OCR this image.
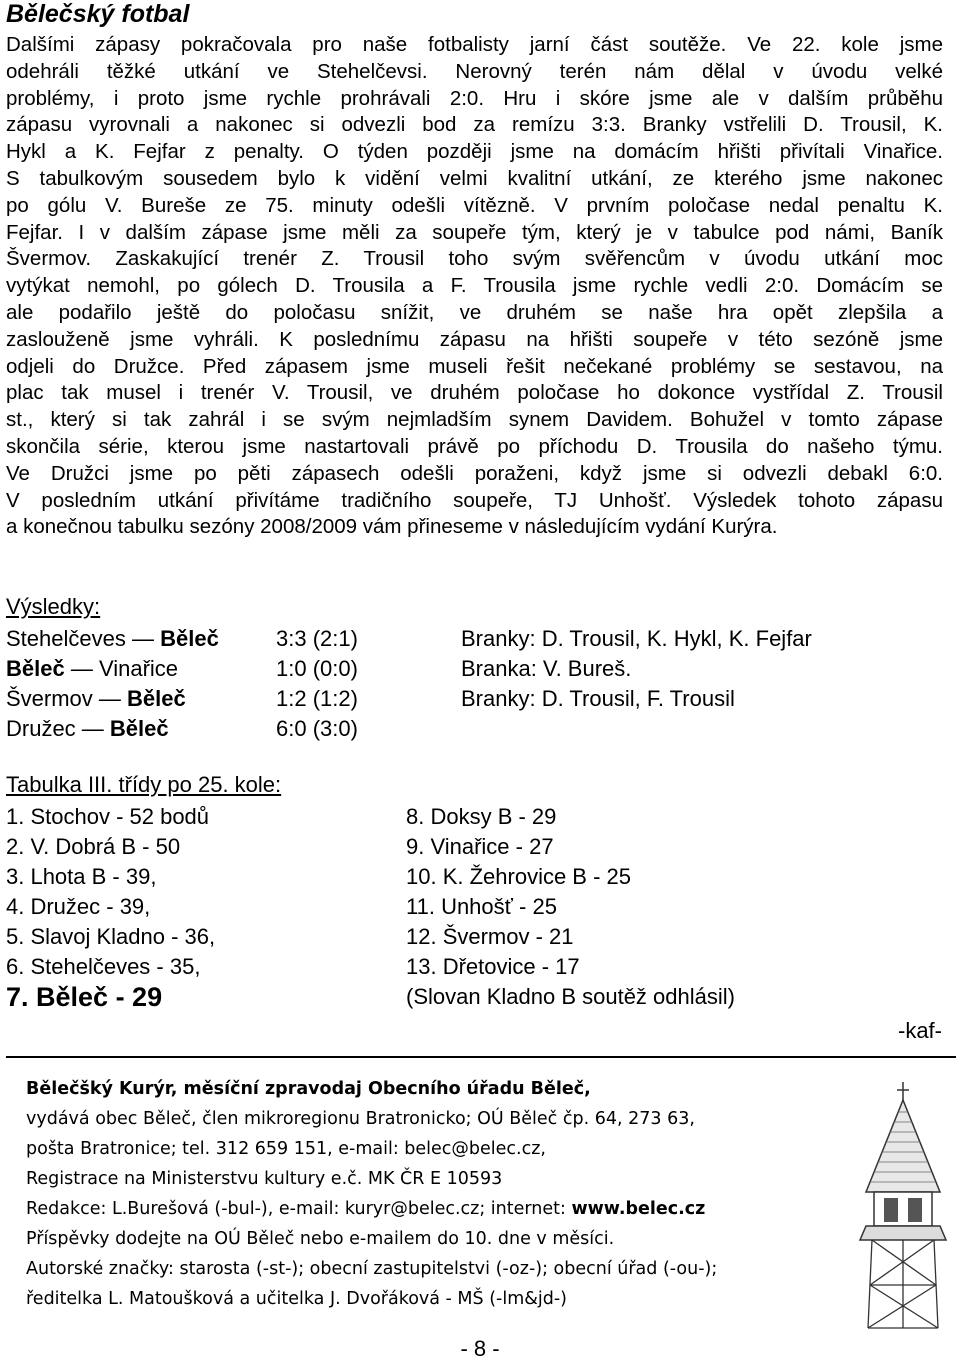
Bělečský fotbal
Dalšími zápasy pokračovala pro naše fotbalisty jarní část soutěže. Ve 22. kole jsme
odehráli těžké utkání ve Stehelčevsi. Nerovný terén nám dělal v úvodu velké
problémy, i proto jsme rychle prohrávali 2:0. Hru i skóre jsme ale v dalším průběhu
zápasu vyrovnali a nakonec si odvezli bod za remízu 3:3. Branky vstřelili D. Trousil, K.
Hykl a K. Fejfar z penalty. O týden později jsme na domácím hřišti přivítali Vinařice.
S tabulkovým sousedem bylo k vidění velmi kvalitní utkání, ze kterého jsme nakonec
po gólu V. Bureše ze 75. minuty odešli vítězně. V prvním poločase nedal penaltu K.
Fejfar. I v dalším zápase jsme měli za soupeře tým, který je v tabulce pod námi, Baník
Švermov. Zaskakující trenér Z. Trousil toho svým svěřencům v úvodu utkání moc
vytýkat nemohl, po gólech D. Trousila a F. Trousila jsme rychle vedli 2:0. Domácím se
ale podařilo ještě do poločasu snížit, ve druhém se naše hra opět zlepšila a
zaslouženě jsme vyhráli. K poslednímu zápasu na hřišti soupeře v této sezóně jsme
odjeli do Družce. Před zápasem jsme museli řešit nečekané problémy se sestavou, na
plac tak musel i trenér V. Trousil, ve druhém poločase ho dokonce vystřídal Z. Trousil
st., který si tak zahrál i se svým nejmladším synem Davidem. Bohužel v tomto zápase
skončila série, kterou jsme nastartovali právě po příchodu D. Trousila do našeho týmu.
Ve Družci jsme po pěti zápasech odešli poraženi, když jsme si odvezli debakl 6:0.
V posledním utkání přivítáme tradičního soupeře, TJ Unhošť. Výsledek tohoto zápasu
a konečnou tabulku sezóny 2008/2009 vám přineseme v následujícím vydání Kurýra.
Výsledky:
Stehelčeves — Běleč	3:3 (2:1)	Branky: D. Trousil, K. Hykl, K. Fejfar
Běleč — Vinařice	1:0 (0:0)	Branka: V. Bureš.
Švermov — Běleč	1:2 (1:2)	Branky: D. Trousil, F. Trousil
Družec — Běleč	6:0 (3:0)
Tabulka III. třídy po 25. kole:
1. Stochov - 52 bodů	8. Doksy B - 29
2. V. Dobrá B - 50	9. Vinařice - 27
3. Lhota B - 39,	10. K. Žehrovice B - 25
4. Družec - 39,	11. Unhošť - 25
5. Slavoj Kladno - 36,	12. Švermov - 21
6. Stehelčeves - 35,	13. Dřetovice - 17
7. Běleč - 29	(Slovan Kladno B soutěž odhlásil)
-kaf-
Bělečšký Kurýr, měsíční zpravodaj Obecního úřadu Běleč,
vydává obec Běleč, člen mikroregionu Bratronicko; OÚ Běleč čp. 64, 273 63,
pošta Bratronice; tel. 312 659 151, e-mail: belec@belec.cz,
Registrace na Ministerstvu kultury e.č. MK ČR E 10593
Redakce: L.Burešová (-bul-), e-mail: kuryr@belec.cz; internet: www.belec.cz
Příspěvky dodejte na OÚ Běleč nebo e-mailem do 10. dne v měsíci.
Autorské značky: starosta (-st-); obecní zastupitelstvi (-oz-); obecní úřad (-ou-);
ředitelka L. Matoušková a učitelka J. Dvořáková - MŠ (-lm&jd-)
- 8 -
